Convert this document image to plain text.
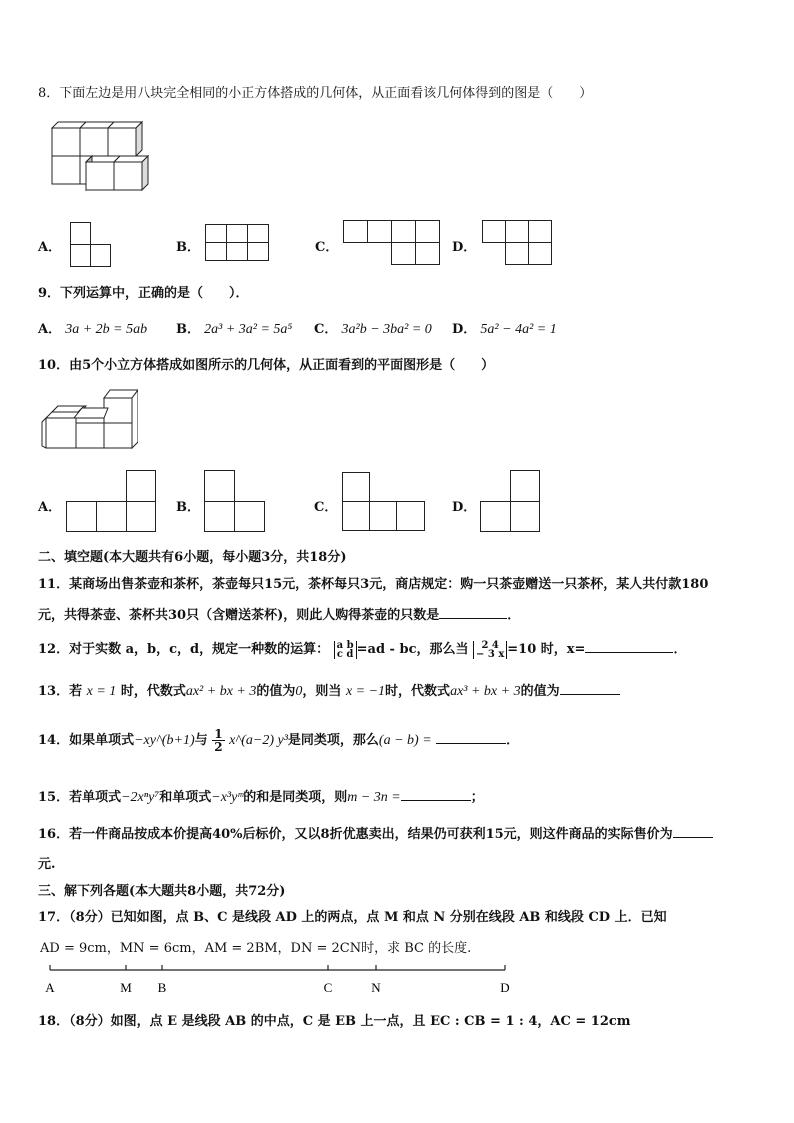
8．下面左边是用八块完全相同的小正方体搭成的几何体，从正面看该几何体得到的图是（　　）
A．	B．	C．	D．
9．下列运算中，正确的是（　　）．
A． 3a + 2b = 5ab B． 2a³ + 3a² = 5a⁵ C． 3a²b − 3ba² = 0 D． 5a² − 4a² = 1
10．由5个小立方体搭成如图所示的几何体，从正面看到的平面图形是（　　）
A．	B．	C．	D．
二、填空题(本大题共有6小题，每小题3分，共18分)
11．某商场出售茶壶和茶杯，茶壶每只15元，茶杯每只3元，商店规定：购一只茶壶赠送一只茶杯，某人共付款180
元，共得茶壶、茶杯共30只（含赠送茶杯)，则此人购得茶壶的只数是	．
12．对于实数 a，b，c，d，规定一种数的运算： a b
c d =ad - bc，那么当	2 4
− 3 x =10 时，x=	．
13．若 x = 1 时，代数式ax² + bx + 3的值为0，则当 x = −1时，代数式ax³ + bx + 3的值为
14．如果单项式−xy^(b+1)与 $\frac{1}{2}$ x^(a−2) y³是同类项，那么(a − b) =	．
15．若单项式−2xⁿy⁷和单项式−x³yᵐ的和是同类项，则m − 3n =	；
16．若一件商品按成本价提高40%后标价，又以8折优惠卖出，结果仍可获利15元，则这件商品的实际售价为
元.
三、解下列各题(本大题共8小题，共72分)
17．（8分）已知如图，点 B、C 是线段 AD 上的两点，点 M 和点 N 分别在线段 AB 和线段 CD 上．已知
AD = 9cm，MN = 6cm，AM = 2BM，DN = 2CN时，求 BC 的长度.
A	M B	C	N	D
18．（8分）如图，点 E 是线段 AB 的中点，C 是 EB 上一点，且 EC : CB = 1 : 4，AC = 12cm
